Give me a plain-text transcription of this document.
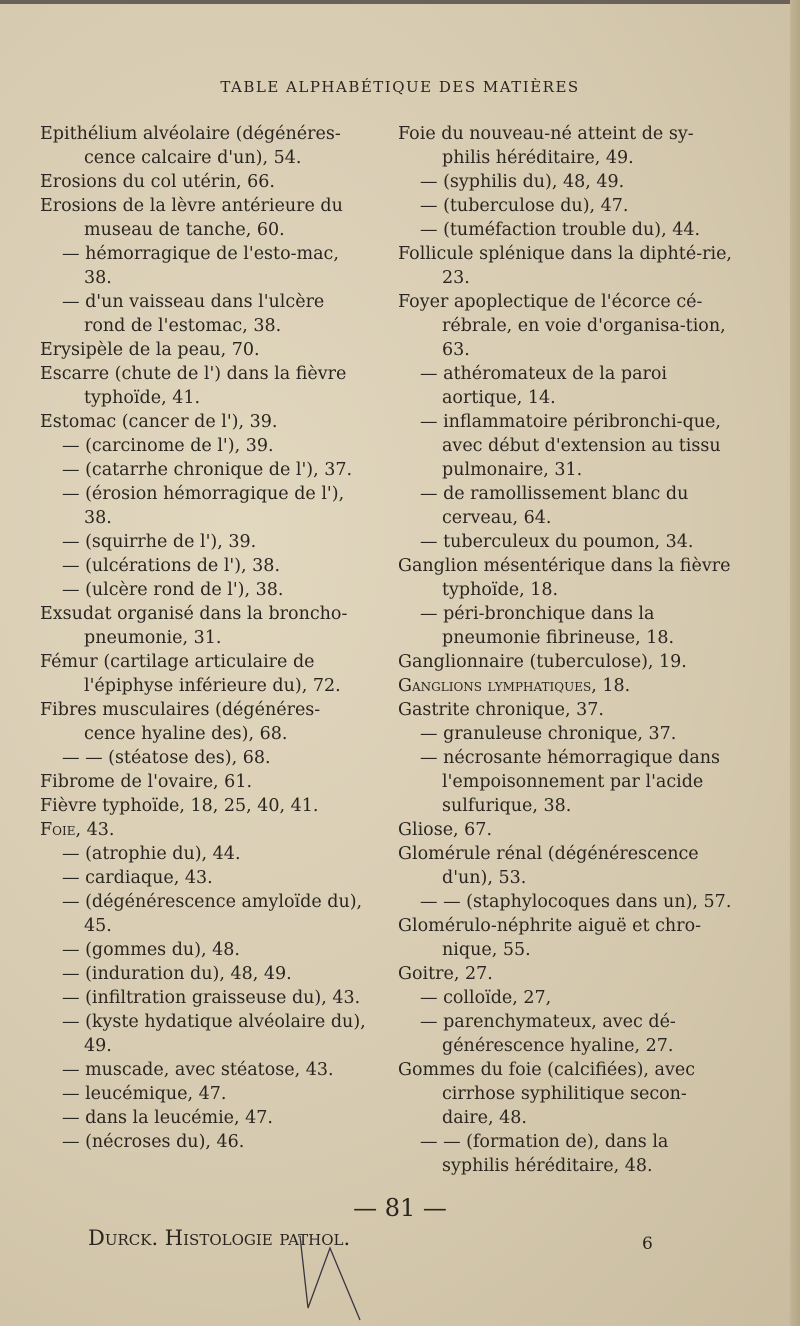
TABLE ALPHABÉTIQUE DES MATIÈRES
Epithélium alvéolaire (dégénéres-cence calcaire d'un), 54.
Erosions du col utérin, 66.
Erosions de la lèvre antérieure du museau de tanche, 60.
— hémorragique de l'esto-mac, 38.
— d'un vaisseau dans l'ulcère rond de l'estomac, 38.
Erysipèle de la peau, 70.
Escarre (chute de l') dans la fièvre typhoïde, 41.
Estomac (cancer de l'), 39.
— (carcinome de l'), 39.
— (catarrhe chronique de l'), 37.
— (érosion hémorragique de l'), 38.
— (squirrhe de l'), 39.
— (ulcérations de l'), 38.
— (ulcère rond de l'), 38.
Exsudat organisé dans la broncho-pneumonie, 31.
Fémur (cartilage articulaire de l'épiphyse inférieure du), 72.
Fibres musculaires (dégénéres-cence hyaline des), 68.
— — (stéatose des), 68.
Fibrome de l'ovaire, 61.
Fièvre typhoïde, 18, 25, 40, 41.
Foie, 43.
— (atrophie du), 44.
— cardiaque, 43.
— (dégénérescence amyloïde du), 45.
— (gommes du), 48.
— (induration du), 48, 49.
— (infiltration graisseuse du), 43.
— (kyste hydatique alvéolaire du), 49.
— muscade, avec stéatose, 43.
— leucémique, 47.
— dans la leucémie, 47.
— (nécroses du), 46.
Foie du nouveau-né atteint de sy-philis héréditaire, 49.
— (syphilis du), 48, 49.
— (tuberculose du), 47.
— (tuméfaction trouble du), 44.
Follicule splénique dans la diphté-rie, 23.
Foyer apoplectique de l'écorce cé-rébrale, en voie d'organisa-tion, 63.
— athéromateux de la paroi aortique, 14.
— inflammatoire péribronchi-que, avec début d'extension au tissu pulmonaire, 31.
— de ramollissement blanc du cerveau, 64.
— tuberculeux du poumon, 34.
Ganglion mésentérique dans la fièvre typhoïde, 18.
— péri-bronchique dans la pneumonie fibrineuse, 18.
Ganglionnaire (tuberculose), 19.
Ganglions lymphatiques, 18.
Gastrite chronique, 37.
— granuleuse chronique, 37.
— nécrosante hémorragique dans l'empoisonnement par l'acide sulfurique, 38.
Gliose, 67.
Glomérule rénal (dégénérescence d'un), 53.
— — (staphylocoques dans un), 57.
Glomérulo-néphrite aiguë et chro-nique, 55.
Goitre, 27.
— colloïde, 27,
— parenchymateux, avec dé-générescence hyaline, 27.
Gommes du foie (calcifiées), avec cirrhose syphilitique secon-daire, 48.
— — (formation de), dans la syphilis héréditaire, 48.
— 81 —
Durck. Histologie pathol.	6
